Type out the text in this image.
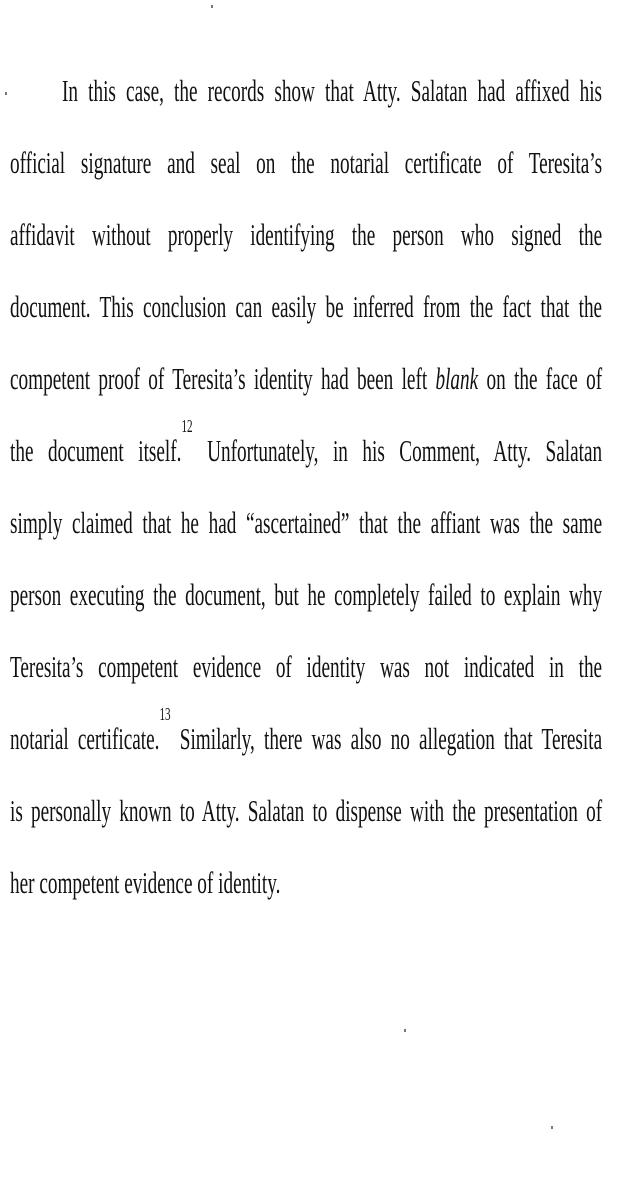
In this case, the records show that Atty. Salatan had affixed his
official signature and seal on the notarial certificate of Teresita’s
affidavit without properly identifying the person who signed the
document. This conclusion can easily be inferred from the fact that the
competent proof of Teresita’s identity had been left blank on the face of
the document itself.$^{12}$ Unfortunately, in his Comment, Atty. Salatan
simply claimed that he had “ascertained” that the affiant was the same
person executing the document, but he completely failed to explain why
Teresita’s competent evidence of identity was not indicated in the
notarial certificate.$^{13}$ Similarly, there was also no allegation that Teresita
is personally known to Atty. Salatan to dispense with the presentation of
her competent evidence of identity.
